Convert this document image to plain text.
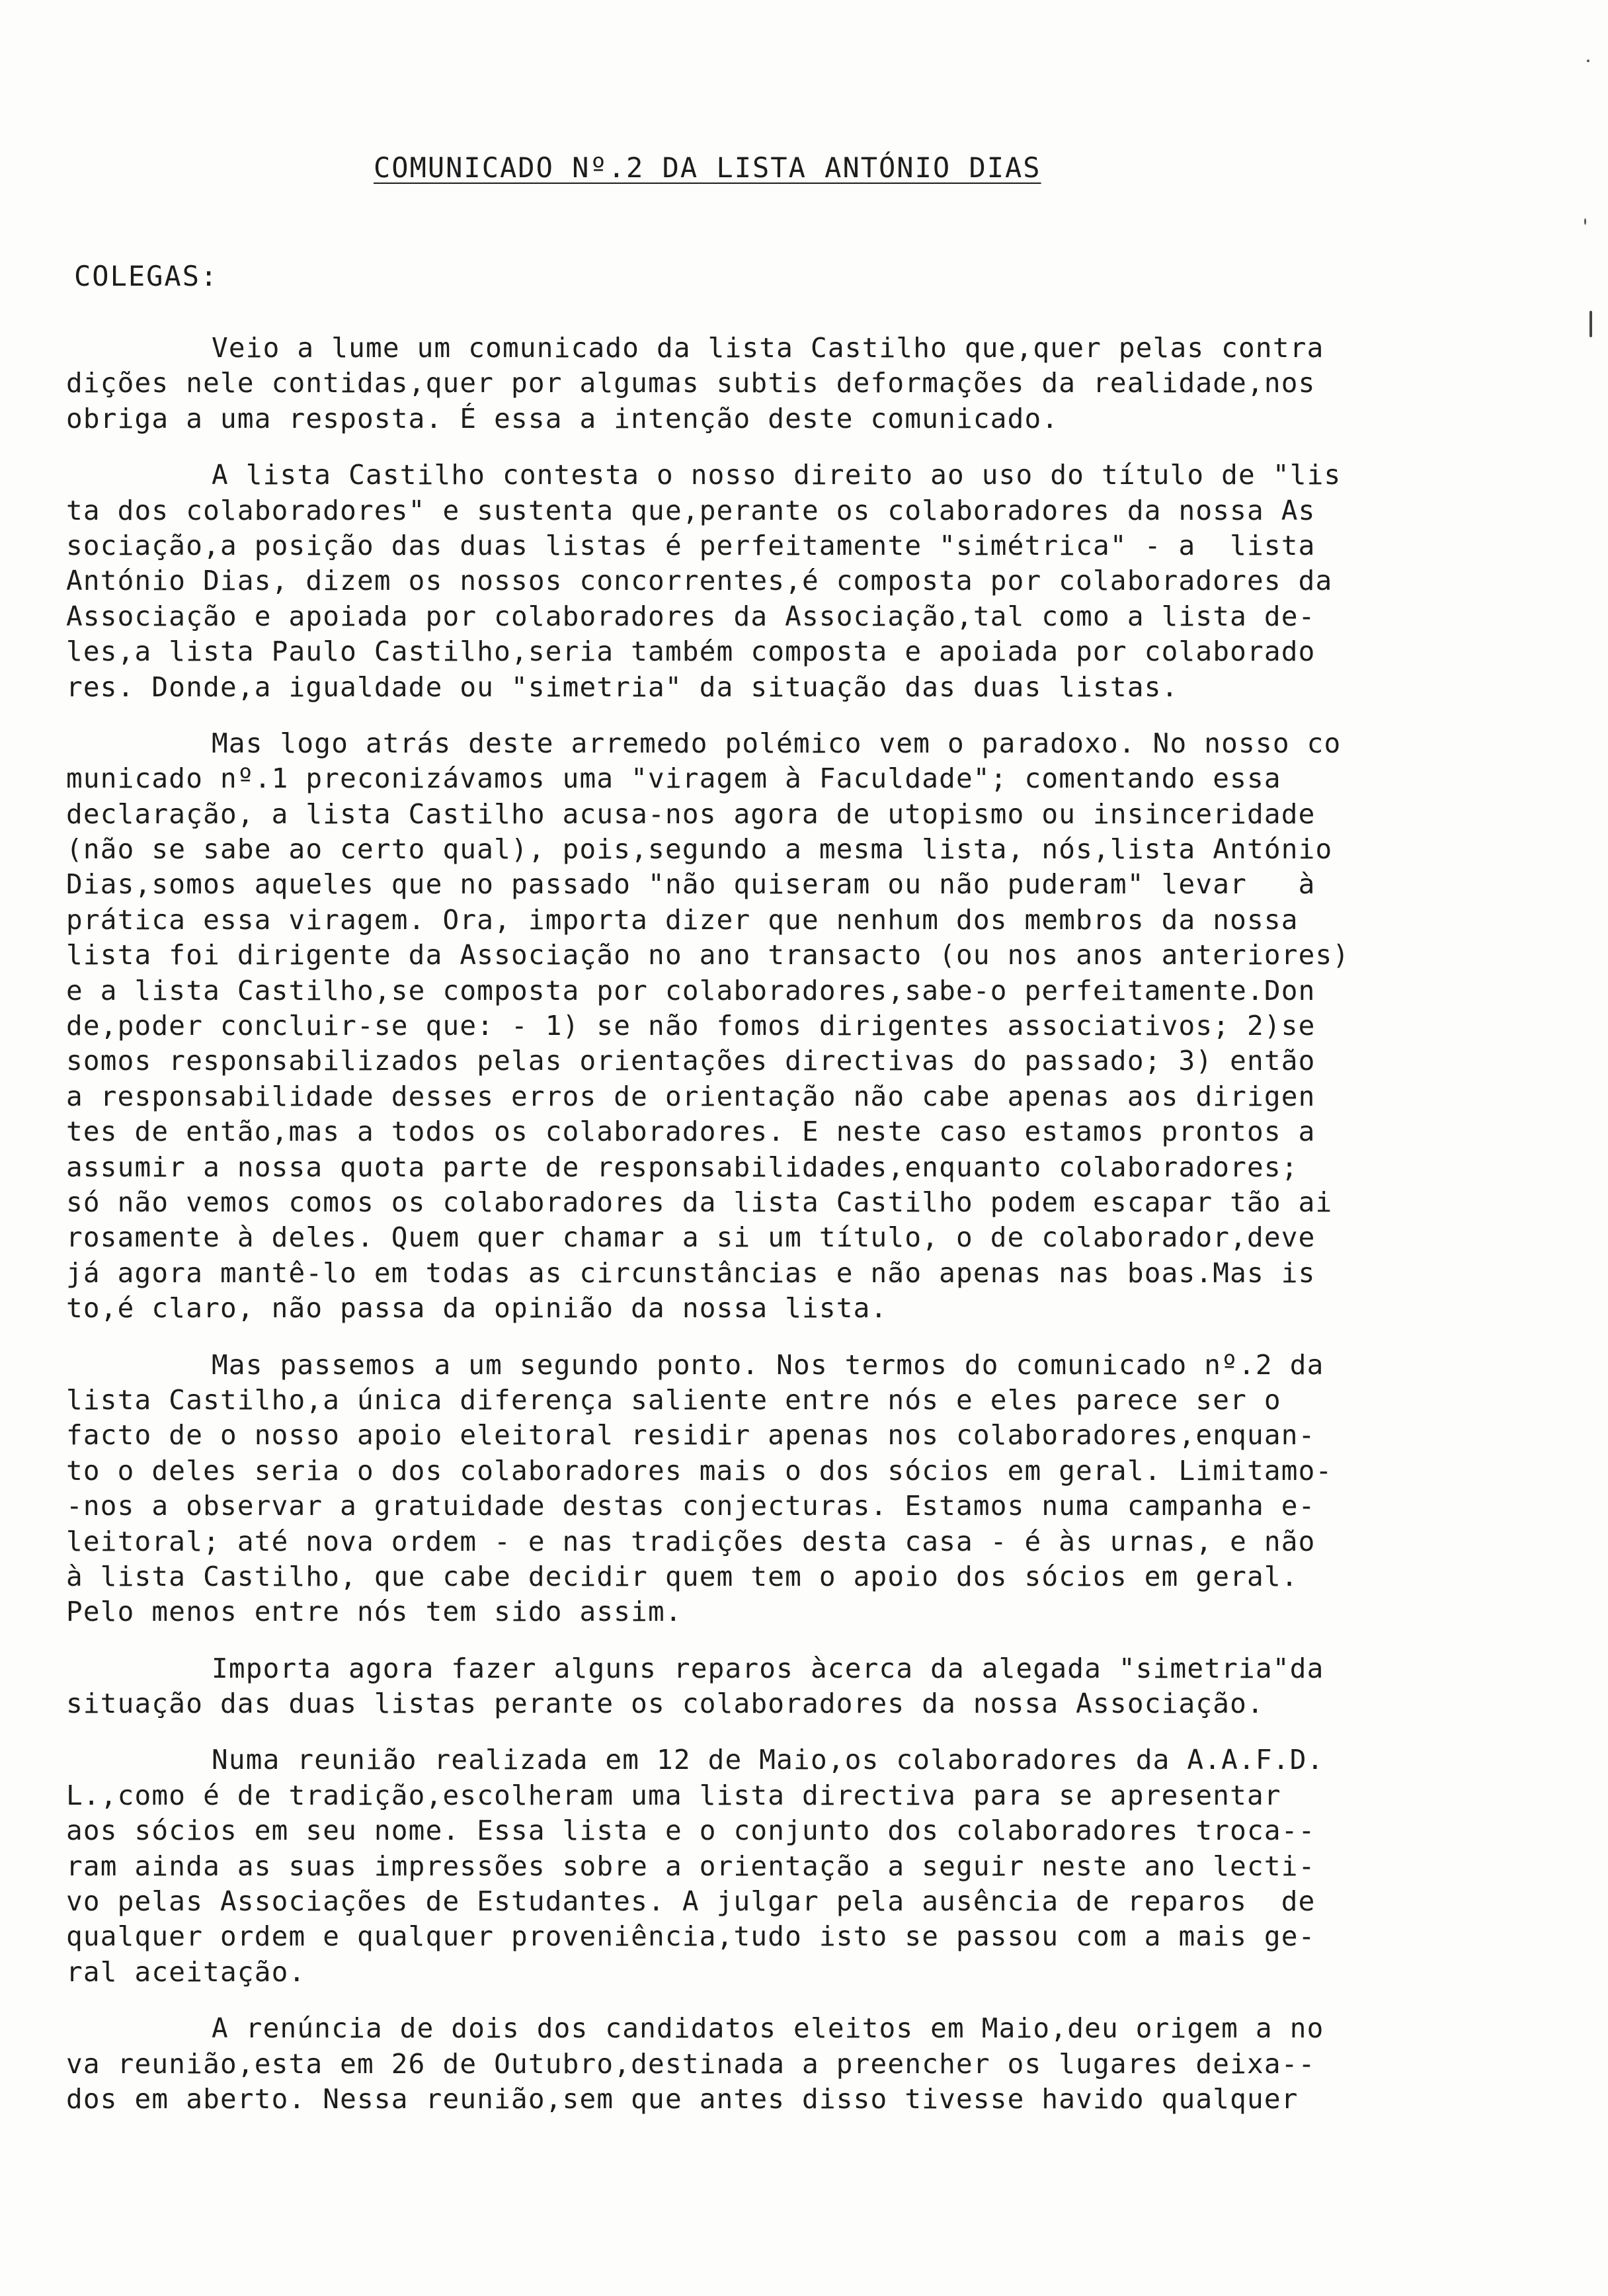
COMUNICADO Nº.2 DA LISTA ANTÓNIO DIAS
COLEGAS:
Veio a lume um comunicado da lista Castilho que,quer pelas contra
dições nele contidas,quer por algumas subtis deformações da realidade,nos
obriga a uma resposta. É essa a intenção deste comunicado.
A lista Castilho contesta o nosso direito ao uso do título de "lis
ta dos colaboradores" e sustenta que,perante os colaboradores da nossa As
sociação,a posição das duas listas é perfeitamente "simétrica" - a  lista
António Dias, dizem os nossos concorrentes,é composta por colaboradores da
Associação e apoiada por colaboradores da Associação,tal como a lista de-
les,a lista Paulo Castilho,seria também composta e apoiada por colaborado
res. Donde,a igualdade ou "simetria" da situação das duas listas.
Mas logo atrás deste arremedo polémico vem o paradoxo. No nosso co
municado nº.1 preconizávamos uma "viragem à Faculdade"; comentando essa
declaração, a lista Castilho acusa-nos agora de utopismo ou insinceridade
(não se sabe ao certo qual), pois,segundo a mesma lista, nós,lista António
Dias,somos aqueles que no passado "não quiseram ou não puderam" levar   à
prática essa viragem. Ora, importa dizer que nenhum dos membros da nossa
lista foi dirigente da Associação no ano transacto (ou nos anos anteriores)
e a lista Castilho,se composta por colaboradores,sabe-o perfeitamente.Don
de,poder concluir-se que: - 1) se não fomos dirigentes associativos; 2)se
somos responsabilizados pelas orientações directivas do passado; 3) então
a responsabilidade desses erros de orientação não cabe apenas aos dirigen
tes de então,mas a todos os colaboradores. E neste caso estamos prontos a
assumir a nossa quota parte de responsabilidades,enquanto colaboradores;
só não vemos comos os colaboradores da lista Castilho podem escapar tão ai
rosamente à deles. Quem quer chamar a si um título, o de colaborador,deve
já agora mantê-lo em todas as circunstâncias e não apenas nas boas.Mas is
to,é claro, não passa da opinião da nossa lista.
Mas passemos a um segundo ponto. Nos termos do comunicado nº.2 da
lista Castilho,a única diferença saliente entre nós e eles parece ser o
facto de o nosso apoio eleitoral residir apenas nos colaboradores,enquan-
to o deles seria o dos colaboradores mais o dos sócios em geral. Limitamo-
-nos a observar a gratuidade destas conjecturas. Estamos numa campanha e-
leitoral; até nova ordem - e nas tradições desta casa - é às urnas, e não
à lista Castilho, que cabe decidir quem tem o apoio dos sócios em geral.
Pelo menos entre nós tem sido assim.
Importa agora fazer alguns reparos àcerca da alegada "simetria"da
situação das duas listas perante os colaboradores da nossa Associação.
Numa reunião realizada em 12 de Maio,os colaboradores da A.A.F.D.
L.,como é de tradição,escolheram uma lista directiva para se apresentar
aos sócios em seu nome. Essa lista e o conjunto dos colaboradores troca--
ram ainda as suas impressões sobre a orientação a seguir neste ano lecti-
vo pelas Associações de Estudantes. A julgar pela ausência de reparos  de
qualquer ordem e qualquer proveniência,tudo isto se passou com a mais ge-
ral aceitação.
A renúncia de dois dos candidatos eleitos em Maio,deu origem a no
va reunião,esta em 26 de Outubro,destinada a preencher os lugares deixa--
dos em aberto. Nessa reunião,sem que antes disso tivesse havido qualquer
